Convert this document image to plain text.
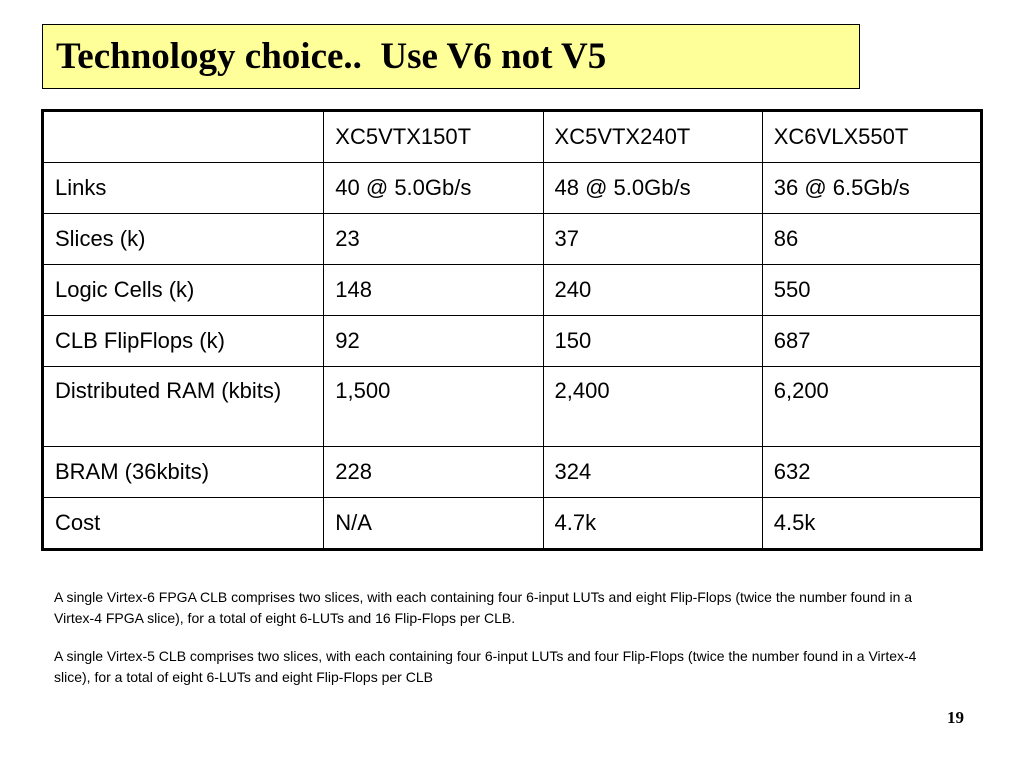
Technology choice..  Use V6 not V5
	XC5VTX150T	XC5VTX240T	XC6VLX550T
Links	40 @ 5.0Gb/s	48 @ 5.0Gb/s	36 @ 6.5Gb/s
Slices (k)	23	37	86
Logic Cells (k)	148	240	550
CLB FlipFlops (k)	92	150	687
Distributed RAM (kbits)	1,500	2,400	6,200
BRAM (36kbits)	228	324	632
Cost	N/A	4.7k	4.5k
A single Virtex-6 FPGA CLB comprises two slices, with each containing four 6-input LUTs and eight Flip-Flops (twice the number found in a Virtex-4 FPGA slice), for a total of eight 6-LUTs and 16 Flip-Flops per CLB.
A single Virtex-5 CLB comprises two slices, with each containing four 6-input LUTs and four Flip-Flops (twice the number found in a Virtex-4 slice), for a total of eight 6-LUTs and eight Flip-Flops per CLB
19
